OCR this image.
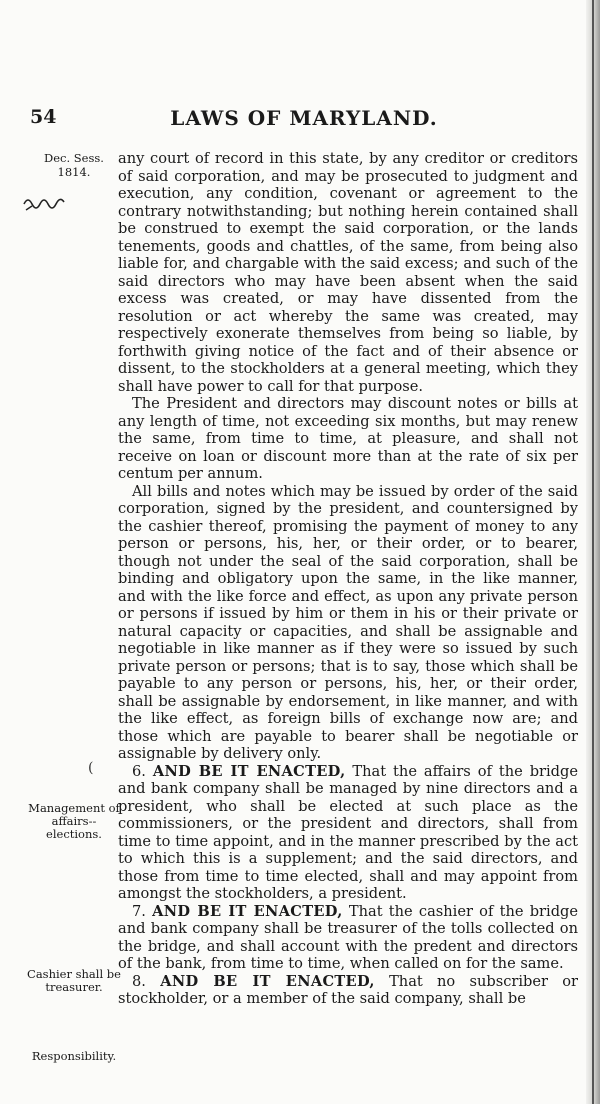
54	LAWS OF MARYLAND.
Dec. Sess.
1814.
Management of affairs--elections.
Cashier shall be treasurer.
Responsibility.
(

any court of record in this state, by any creditor or creditors of said corporation, and may be prosecuted to judgment and execution, any condition, covenant or agreement to the contrary notwithstanding; but nothing herein contained shall be construed to exempt the said corporation, or the lands tenements, goods and chattles, of the same, from being also liable for, and chargable with the said excess; and such of the said directors who may have been absent when the said excess was created, or may have dissented from the resolution or act whereby the same was created, may respectively exonerate themselves from being so liable, by forthwith giving notice of the fact and of their absence or dissent, to the stockholders at a general meeting, which they shall have power to call for that purpose.

The President and directors may discount notes or bills at any length of time, not exceeding six months, but may renew the same, from time to time, at pleasure, and shall not receive on loan or discount more than at the rate of six per centum per annum.

All bills and notes which may be issued by order of the said corporation, signed by the president, and countersigned by the cashier thereof, promising the payment of money to any person or persons, his, her, or their order, or to bearer, though not under the seal of the said corporation, shall be binding and obligatory upon the same, in the like manner, and with the like force and effect, as upon any private person or persons if issued by him or them in his or their private or natural capacity or capacities, and shall be assignable and negotiable in like manner as if they were so issued by such private person or persons; that is to say, those which shall be payable to any person or persons, his, her, or their order, shall be assignable by endorsement, in like manner, and with the like effect, as foreign bills of exchange now are; and those which are payable to bearer shall be negotiable or assignable by delivery only.

6. AND BE IT ENACTED, That the affairs of the bridge and bank company shall be managed by nine directors and a president, who shall be elected at such place as the commissioners, or the president and directors, shall from time to time appoint, and in the manner prescribed by the act to which this is a supplement; and the said directors, and those from time to time elected, shall and may appoint from amongst the stockholders, a president.

7. AND BE IT ENACTED, That the cashier of the bridge and bank company shall be treasurer of the tolls collected on the bridge, and shall account with the predent and directors of the bank, from time to time, when called on for the same.

8. AND BE IT ENACTED, That no subscriber or stockholder, or a member of the said company, shall be
